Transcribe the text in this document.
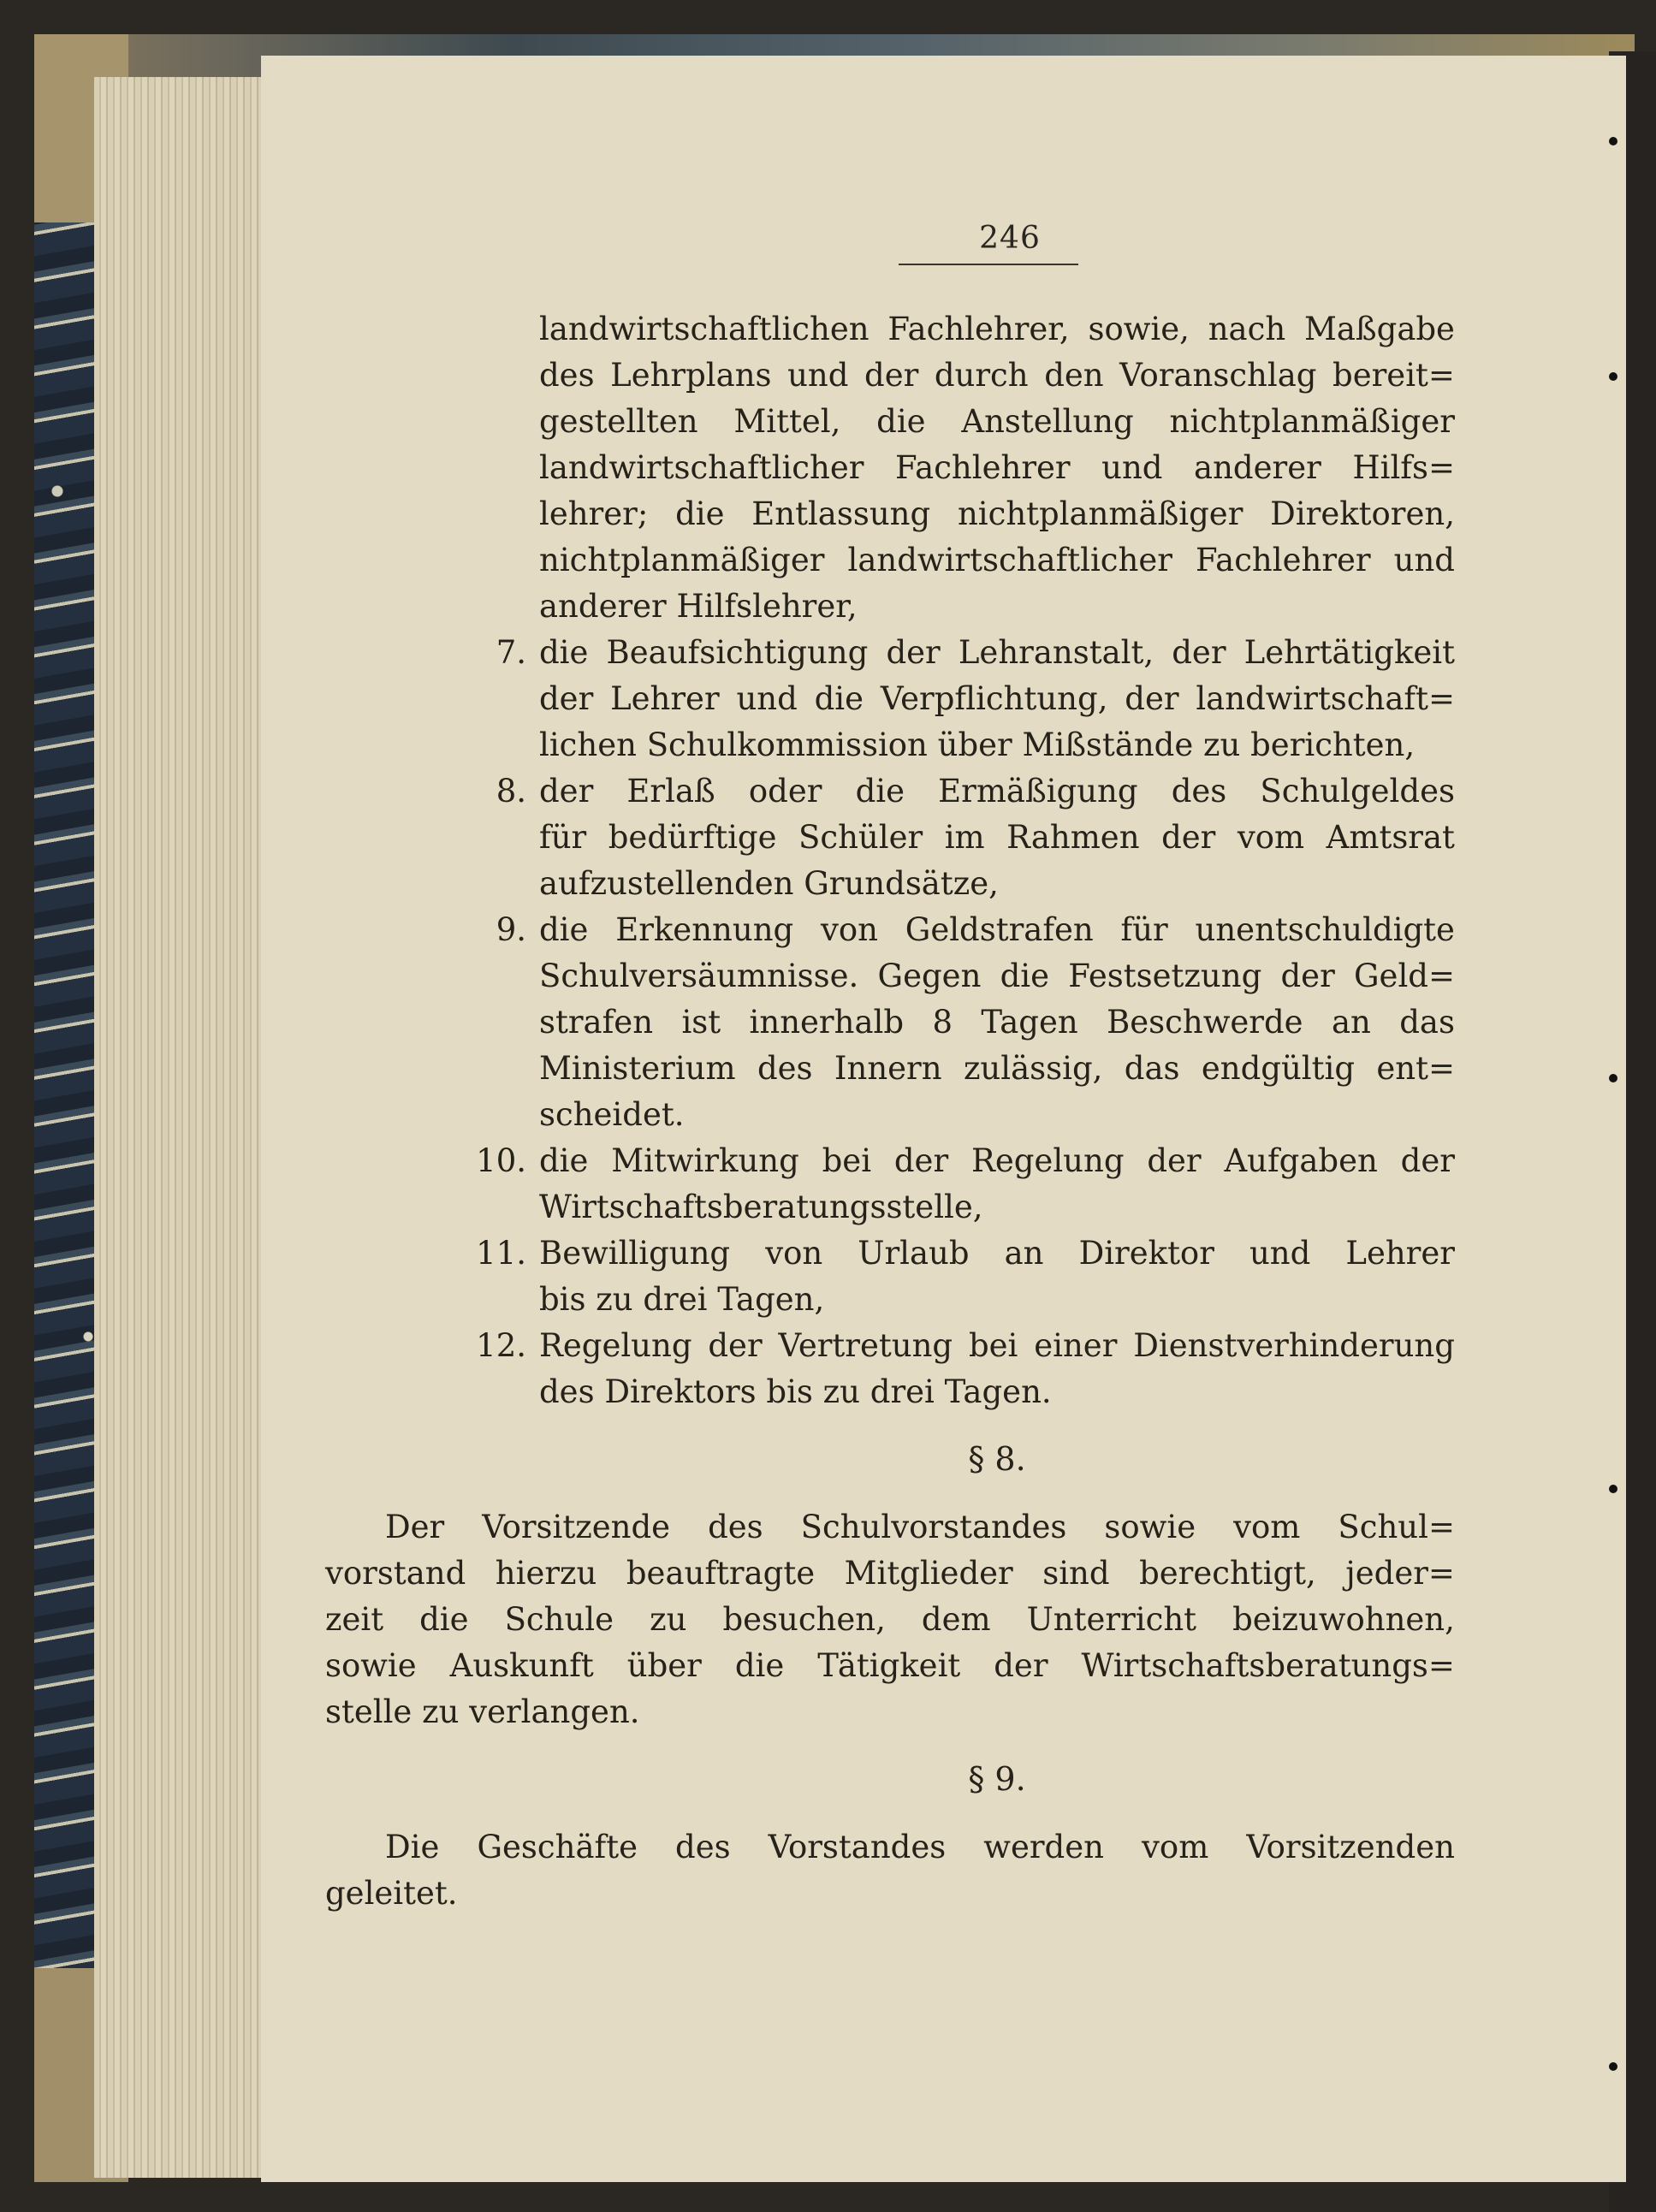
246
landwirtschaftlichen Fachlehrer, sowie, nach Maßgabe
des Lehrplans und der durch den Voranschlag bereit=
gestellten Mittel, die Anstellung nichtplanmäßiger
landwirtschaftlicher Fachlehrer und anderer Hilfs=
lehrer; die Entlassung nichtplanmäßiger Direktoren,
nichtplanmäßiger landwirtschaftlicher Fachlehrer und
anderer Hilfslehrer,
7. die Beaufsichtigung der Lehranstalt, der Lehrtätigkeit
der Lehrer und die Verpflichtung, der landwirtschaft=
lichen Schulkommission über Mißstände zu berichten,
8. der Erlaß oder die Ermäßigung des Schulgeldes
für bedürftige Schüler im Rahmen der vom Amtsrat
aufzustellenden Grundsätze,
9. die Erkennung von Geldstrafen für unentschuldigte
Schulversäumnisse. Gegen die Festsetzung der Geld=
strafen ist innerhalb 8 Tagen Beschwerde an das
Ministerium des Innern zulässig, das endgültig ent=
scheidet.
10. die Mitwirkung bei der Regelung der Aufgaben der
Wirtschaftsberatungsstelle,
11. Bewilligung von Urlaub an Direktor und Lehrer
bis zu drei Tagen,
12. Regelung der Vertretung bei einer Dienstverhinderung
des Direktors bis zu drei Tagen.
§ 8.
Der Vorsitzende des Schulvorstandes sowie vom Schul=
vorstand hierzu beauftragte Mitglieder sind berechtigt, jeder=
zeit die Schule zu besuchen, dem Unterricht beizuwohnen,
sowie Auskunft über die Tätigkeit der Wirtschaftsberatungs=
stelle zu verlangen.
§ 9.
Die Geschäfte des Vorstandes werden vom Vorsitzenden
geleitet.
